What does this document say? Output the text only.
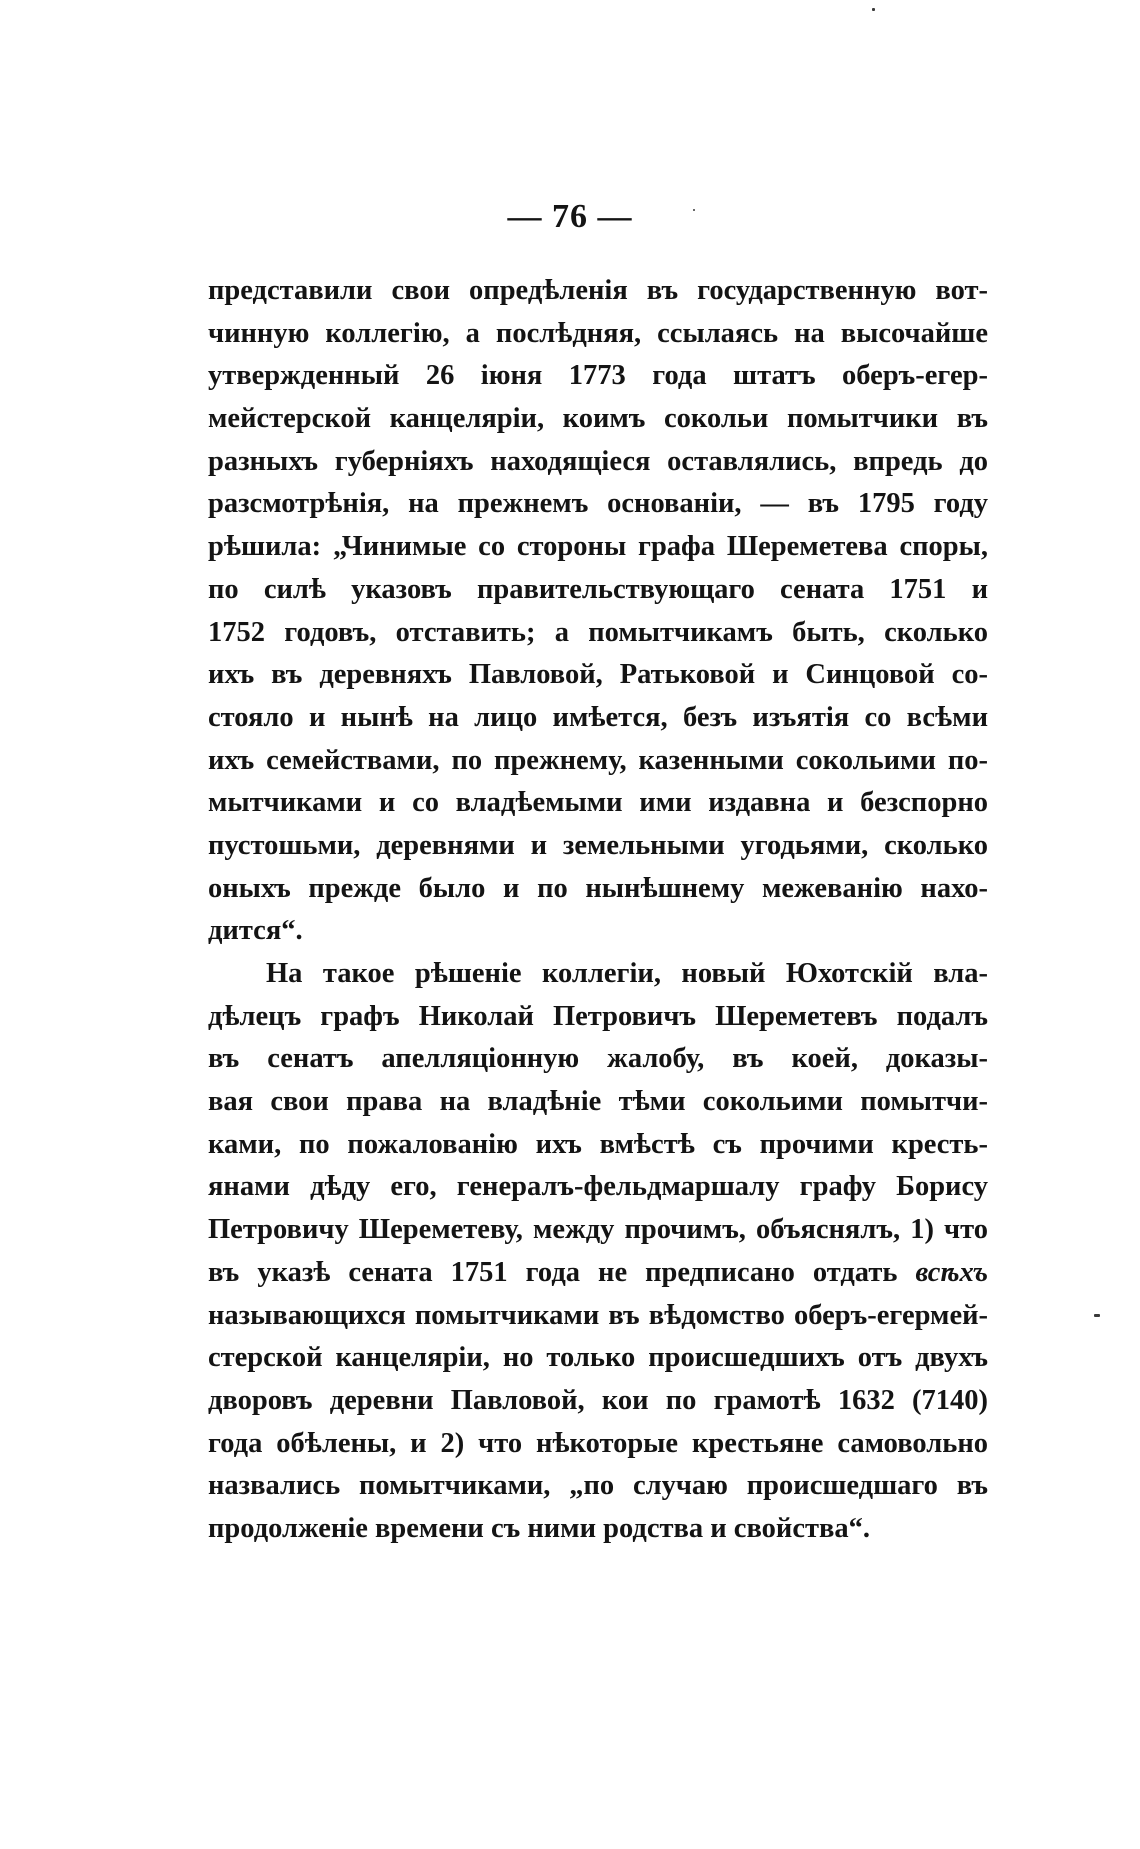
— 76 —
представили свои опредѣленія въ государственную вот-
чинную коллегію, а послѣдняя, ссылаясь на высочайше
утвержденный 26 іюня 1773 года штатъ оберъ-егер-
мейстерской канцеляріи, коимъ сокольи помытчики въ
разныхъ губерніяхъ находящіеся оставлялись, впредь до
разсмотрѣнія, на прежнемъ основаніи, — въ 1795 году
рѣшила: „Чинимые со стороны графа Шереметева споры,
по силѣ указовъ правительствующаго сената 1751 и
1752 годовъ, отставить; а помытчикамъ быть, сколько
ихъ въ деревняхъ Павловой, Ратьковой и Синцовой со-
стояло и нынѣ на лицо имѣется, безъ изъятія со всѣми
ихъ семействами, по прежнему, казенными сокольими по-
мытчиками и со владѣемыми ими издавна и безспорно
пустошьми, деревнями и земельными угодьями, сколько
оныхъ прежде было и по нынѣшнему межеванію нахо-
дится“.
На такое рѣшеніе коллегіи, новый Юхотскій вла-
дѣлецъ графъ Николай Петровичъ Шереметевъ подалъ
въ сенатъ апелляціонную жалобу, въ коей, доказы-
вая свои права на владѣніе тѣми сокольими помытчи-
ками, по пожалованію ихъ вмѣстѣ съ прочими кресть-
янами дѣду его, генералъ-фельдмаршалу графу Борису
Петровичу Шереметеву, между прочимъ, объяснялъ, 1) что
въ указѣ сената 1751 года не предписано отдать всѣхъ
называющихся помытчиками въ вѣдомство оберъ-егермей-
стерской канцеляріи, но только происшедшихъ отъ двухъ
дворовъ деревни Павловой, кои по грамотѣ 1632 (7140)
года обѣлены, и 2) что нѣкоторые крестьяне самовольно
назвались помытчиками, „по случаю происшедшаго въ
продолженіе времени съ ними родства и свойства“.
